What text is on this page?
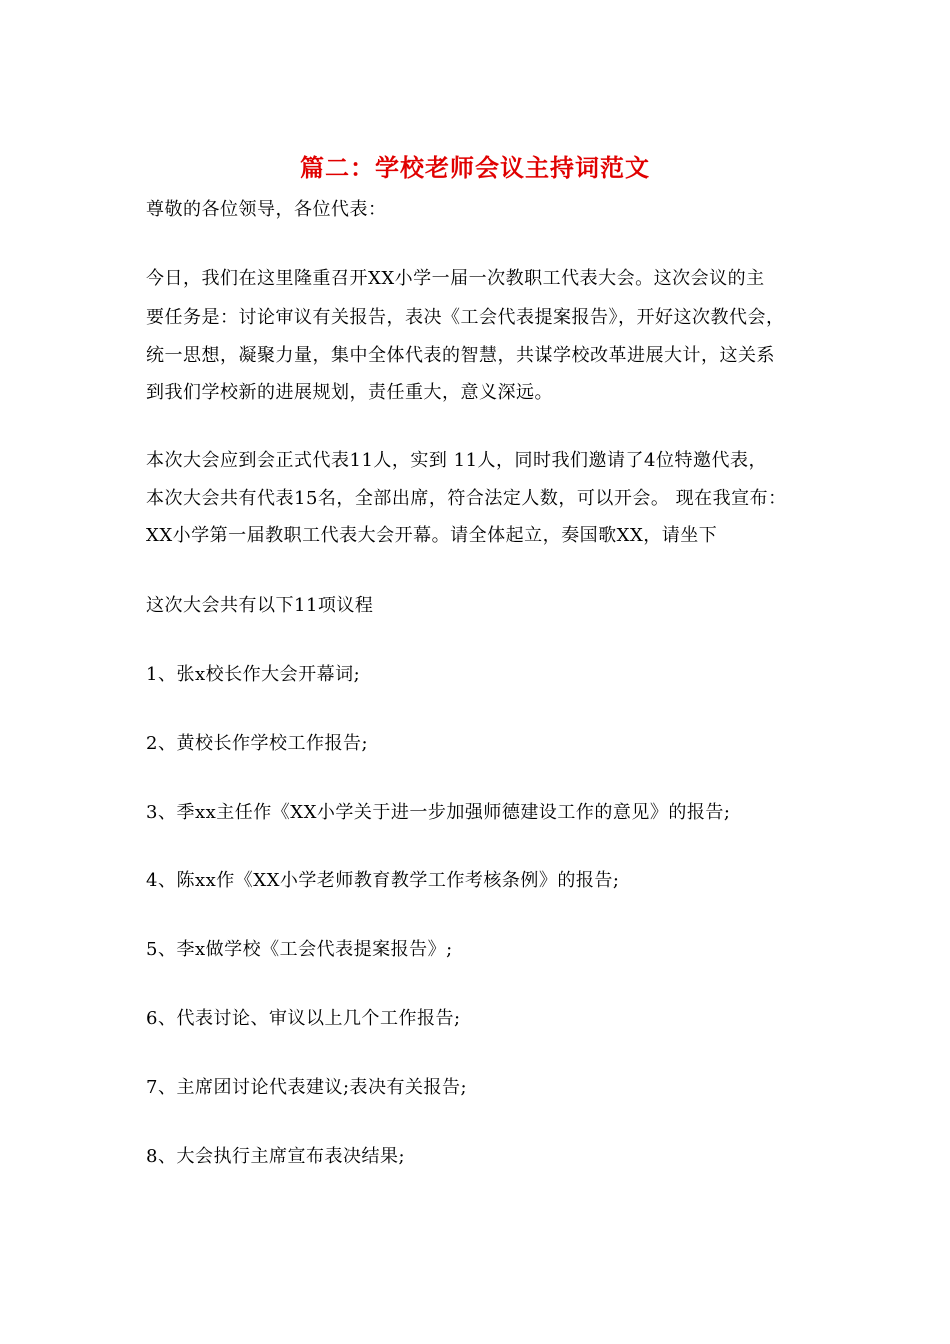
篇二：学校老师会议主持词范文
尊敬的各位领导，各位代表：
今日，我们在这里隆重召开XX小学一届一次教职工代表大会。这次会议的主
要任务是：讨论审议有关报告，表决《工会代表提案报告》，开好这次教代会，
统一思想，凝聚力量，集中全体代表的智慧，共谋学校改革进展大计，这关系
到我们学校新的进展规划，责任重大，意义深远。
本次大会应到会正式代表11人，实到 11人，同时我们邀请了4位特邀代表，
本次大会共有代表15名，全部出席，符合法定人数，可以开会。 现在我宣布：
XX小学第一届教职工代表大会开幕。请全体起立，奏国歌XX，请坐下
这次大会共有以下11项议程
1、张x校长作大会开幕词;
2、黄校长作学校工作报告;
3、季xx主任作《XX小学关于进一步加强师德建设工作的意见》的报告;
4、陈xx作《XX小学老师教育教学工作考核条例》的报告;
5、李x做学校《工会代表提案报告》;
6、代表讨论、审议以上几个工作报告;
7、主席团讨论代表建议;表决有关报告;
8、大会执行主席宣布表决结果;
